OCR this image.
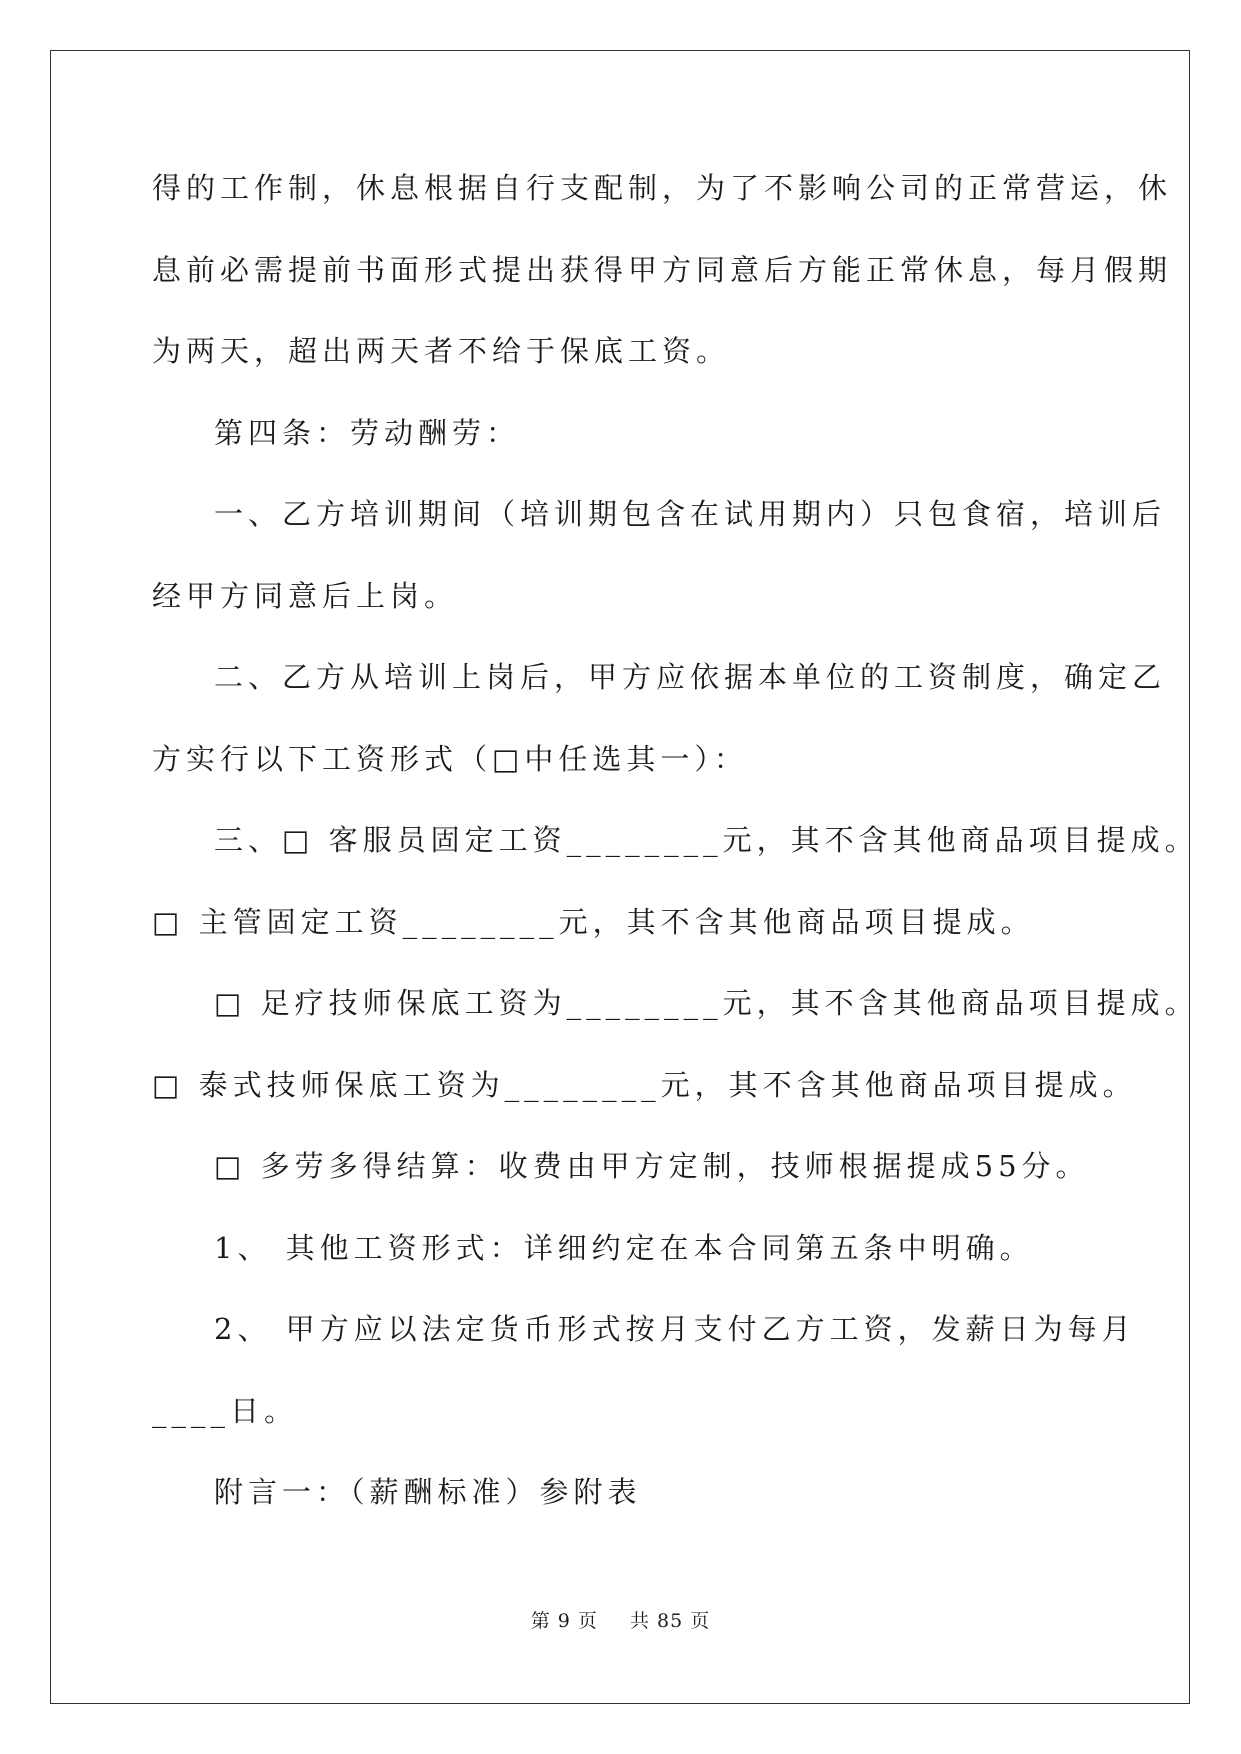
得的工作制，休息根据自行支配制，为了不影响公司的正常营运，休

息前必需提前书面形式提出获得甲方同意后方能正常休息，每月假期

为两天，超出两天者不给于保底工资。

第四条：劳动酬劳：

一、乙方培训期间（培训期包含在试用期内）只包食宿，培训后

经甲方同意后上岗。

二、乙方从培训上岗后，甲方应依据本单位的工资制度，确定乙

方实行以下工资形式（□中任选其一）：

三、□ 客服员固定工资________元，其不含其他商品项目提成。

□ 主管固定工资________元，其不含其他商品项目提成。

□ 足疗技师保底工资为________元，其不含其他商品项目提成。

□ 泰式技师保底工资为________元，其不含其他商品项目提成。

□ 多劳多得结算：收费由甲方定制，技师根据提成55分。

1、 其他工资形式：详细约定在本合同第五条中明确。

2、 甲方应以法定货币形式按月支付乙方工资，发薪日为每月

____日。

附言一：（薪酬标准）参附表

第 9 页 共 85 页
